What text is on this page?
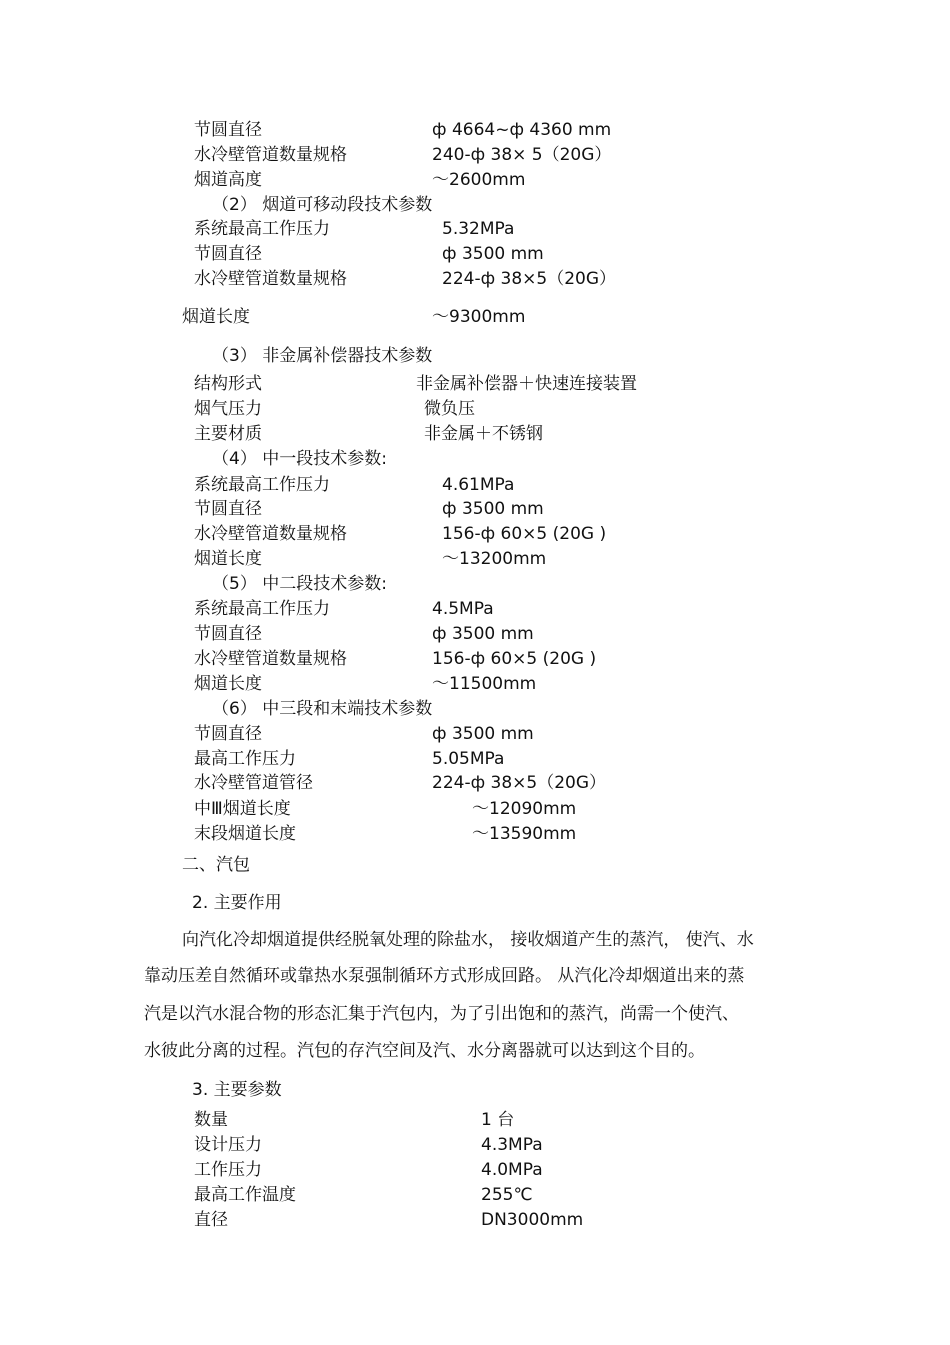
节圆直径	ф 4664~ф 4360 mm
水冷壁管道数量规格	240-ф 38× 5（20G）
烟道高度	～2600mm
（2） 烟道可移动段技术参数
系统最高工作压力	5.32MPa
节圆直径	ф 3500 mm
水冷壁管道数量规格	224-ф 38×5（20G）
烟道长度	～9300mm
（3） 非金属补偿器技术参数
结构形式	非金属补偿器＋快速连接装置
烟气压力	微负压
主要材质	非金属＋不锈钢
（4） 中一段技术参数:
系统最高工作压力	4.61MPa
节圆直径	ф 3500 mm
水冷壁管道数量规格	156-ф 60×5 (20G )
烟道长度	～13200mm
（5） 中二段技术参数:
系统最高工作压力	4.5MPa
节圆直径	ф 3500 mm
水冷壁管道数量规格	156-ф 60×5 (20G )
烟道长度	～11500mm
（6） 中三段和末端技术参数
节圆直径	ф 3500 mm
最高工作压力	5.05MPa
水冷壁管道管径	224-ф 38×5（20G）
中Ⅲ烟道长度	～12090mm
末段烟道长度	～13590mm
二、汽包
2. 主要作用
向汽化冷却烟道提供经脱氧处理的除盐水， 接收烟道产生的蒸汽， 使汽、水
靠动压差自然循环或靠热水泵强制循环方式形成回路。 从汽化冷却烟道出来的蒸
汽是以汽水混合物的形态汇集于汽包内，为了引出饱和的蒸汽，尚需一个使汽、
水彼此分离的过程。汽包的存汽空间及汽、水分离器就可以达到这个目的。
3. 主要参数
数量	1 台
设计压力	4.3MPa
工作压力	4.0MPa
最高工作温度	255℃
直径	DN3000mm
